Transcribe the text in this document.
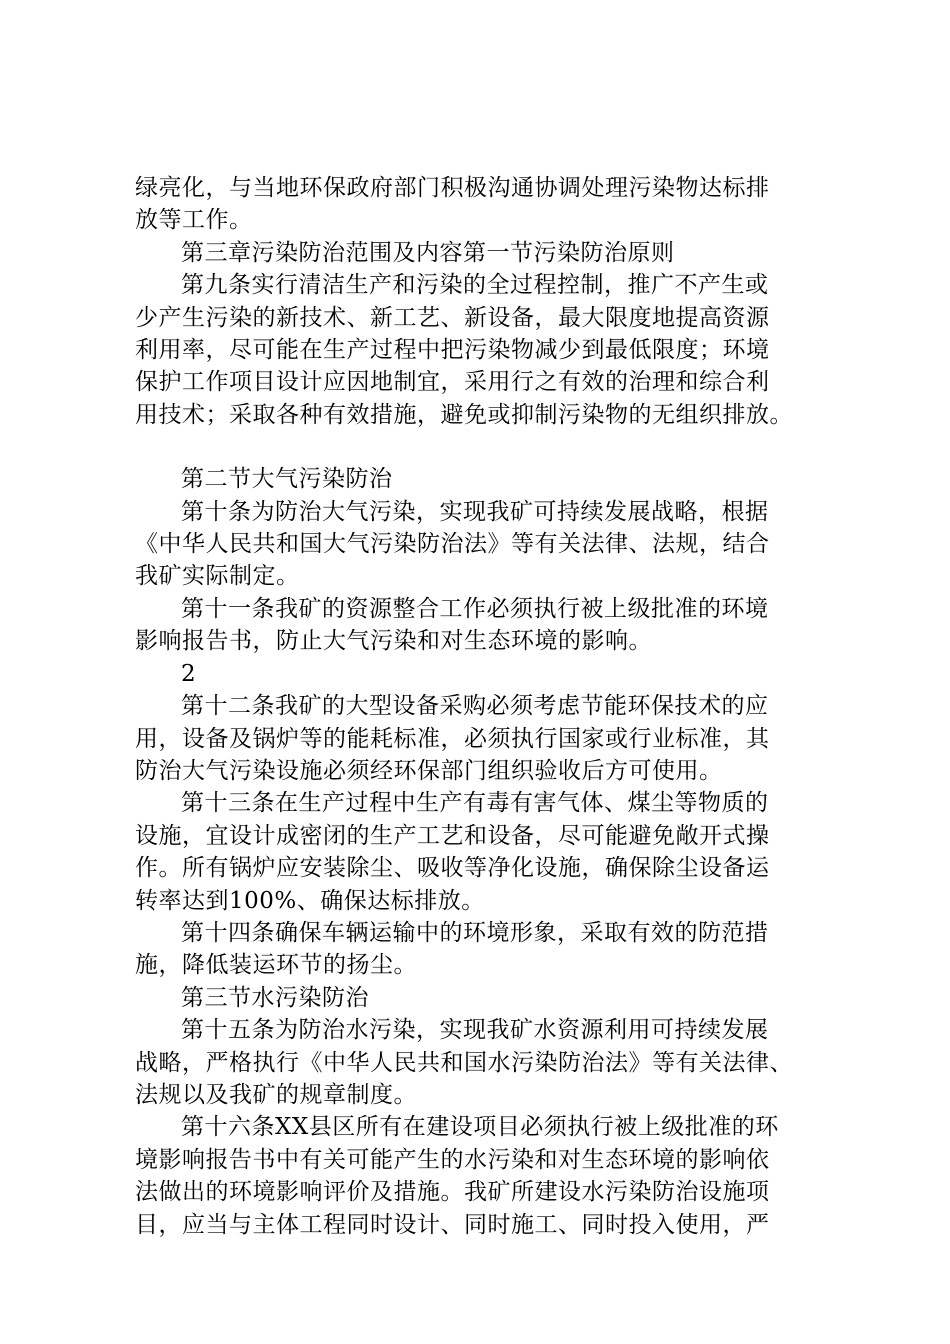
绿亮化，与当地环保政府部门积极沟通协调处理污染物达标排
放等工作。

第三章污染防治范围及内容第一节污染防治原则

第九条实行清洁生产和污染的全过程控制，推广不产生或
少产生污染的新技术、新工艺、新设备，最大限度地提高资源
利用率，尽可能在生产过程中把污染物减少到最低限度；环境
保护工作项目设计应因地制宜，采用行之有效的治理和综合利
用技术；采取各种有效措施，避免或抑制污染物的无组织排放。

第二节大气污染防治

第十条为防治大气污染，实现我矿可持续发展战略，根据
《中华人民共和国大气污染防治法》等有关法律、法规，结合
我矿实际制定。

第十一条我矿的资源整合工作必须执行被上级批准的环境
影响报告书，防止大气污染和对生态环境的影响。

2

第十二条我矿的大型设备采购必须考虑节能环保技术的应
用，设备及锅炉等的能耗标准，必须执行国家或行业标准，其
防治大气污染设施必须经环保部门组织验收后方可使用。

第十三条在生产过程中生产有毒有害气体、煤尘等物质的
设施，宜设计成密闭的生产工艺和设备，尽可能避免敞开式操
作。所有锅炉应安装除尘、吸收等净化设施，确保除尘设备运
转率达到100%、确保达标排放。

第十四条确保车辆运输中的环境形象，采取有效的防范措
施，降低装运环节的扬尘。

第三节水污染防治

第十五条为防治水污染，实现我矿水资源利用可持续发展
战略，严格执行《中华人民共和国水污染防治法》等有关法律、
法规以及我矿的规章制度。

第十六条XX县区所有在建设项目必须执行被上级批准的环
境影响报告书中有关可能产生的水污染和对生态环境的影响依
法做出的环境影响评价及措施。我矿所建设水污染防治设施项
目，应当与主体工程同时设计、同时施工、同时投入使用，严
